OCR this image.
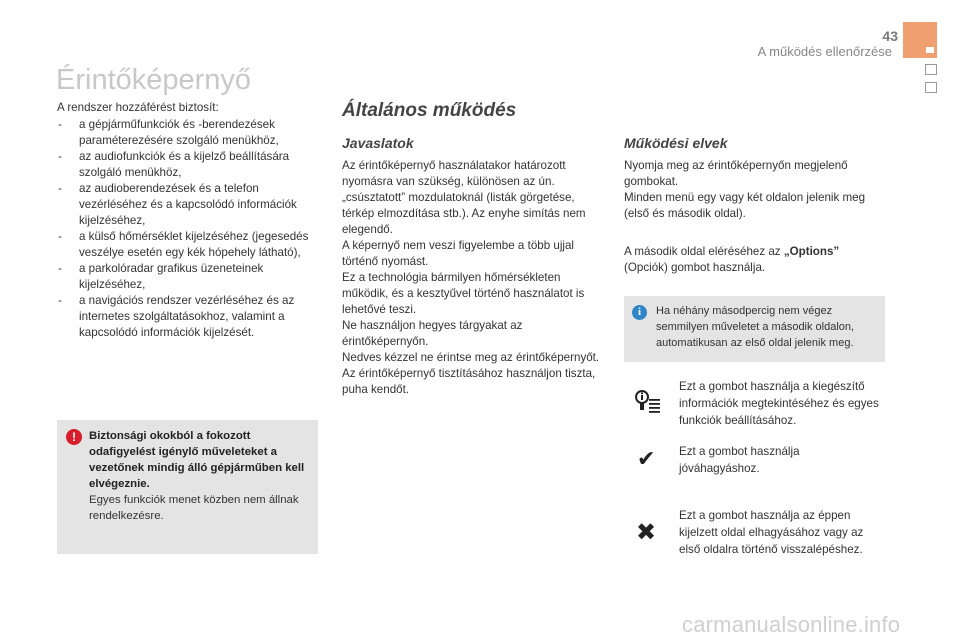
43
A működés ellenőrzése
Érintőképernyő
A rendszer hozzáférést biztosít:
- a gépjárműfunkciók és -berendezések paraméterezésére szolgáló menükhöz,
- az audiofunkciók és a kijelző beállítására szolgáló menükhöz,
- az audioberendezések és a telefon vezérléséhez és a kapcsolódó információk kijelzéséhez,
- a külső hőmérséklet kijelzéséhez (jegesedés veszélye esetén egy kék hópehely látható),
- a parkolóradar grafikus üzeneteinek kijelzéséhez,
- a navigációs rendszer vezérléséhez és az internetes szolgáltatásokhoz, valamint a kapcsolódó információk kijelzését.
!	Biztonsági okokból a fokozott odafigyelést igénylő műveleteket a vezetőnek mindig álló gépjárműben kell elvégeznie.
Egyes funkciók menet közben nem állnak rendelkezésre.
Általános működés
Javaslatok
Az érintőképernyő használatakor határozott nyomásra van szükség, különösen az ún. „csúsztatott” mozdulatoknál (listák görgetése, térkép elmozdítása stb.). Az enyhe simítás nem elegendő.
A képernyő nem veszi figyelembe a több ujjal történő nyomást.
Ez a technológia bármilyen hőmérsékleten működik, és a kesztyűvel történő használatot is lehetővé teszi.
Ne használjon hegyes tárgyakat az érintőképernyőn.
Nedves kézzel ne érintse meg az érintőképernyőt.
Az érintőképernyő tisztításához használjon tiszta, puha kendőt.
Működési elvek
Nyomja meg az érintőképernyőn megjelenő gombokat.
Minden menü egy vagy két oldalon jelenik meg (első és második oldal).
A második oldal eléréséhez az „Options”
(Opciók) gombot használja.
i	Ha néhány másodpercig nem végez semmilyen műveletet a második oldalon, automatikusan az első oldal jelenik meg.
Ezt a gombot használja a kiegészítő információk megtekintéséhez és egyes funkciók beállításához.
✔ Ezt a gombot használja jóváhagyáshoz.
✖
Ezt a gombot használja az éppen kijelzett oldal elhagyásához vagy az első oldalra történő visszalépéshez.
carmanualsonline.info
